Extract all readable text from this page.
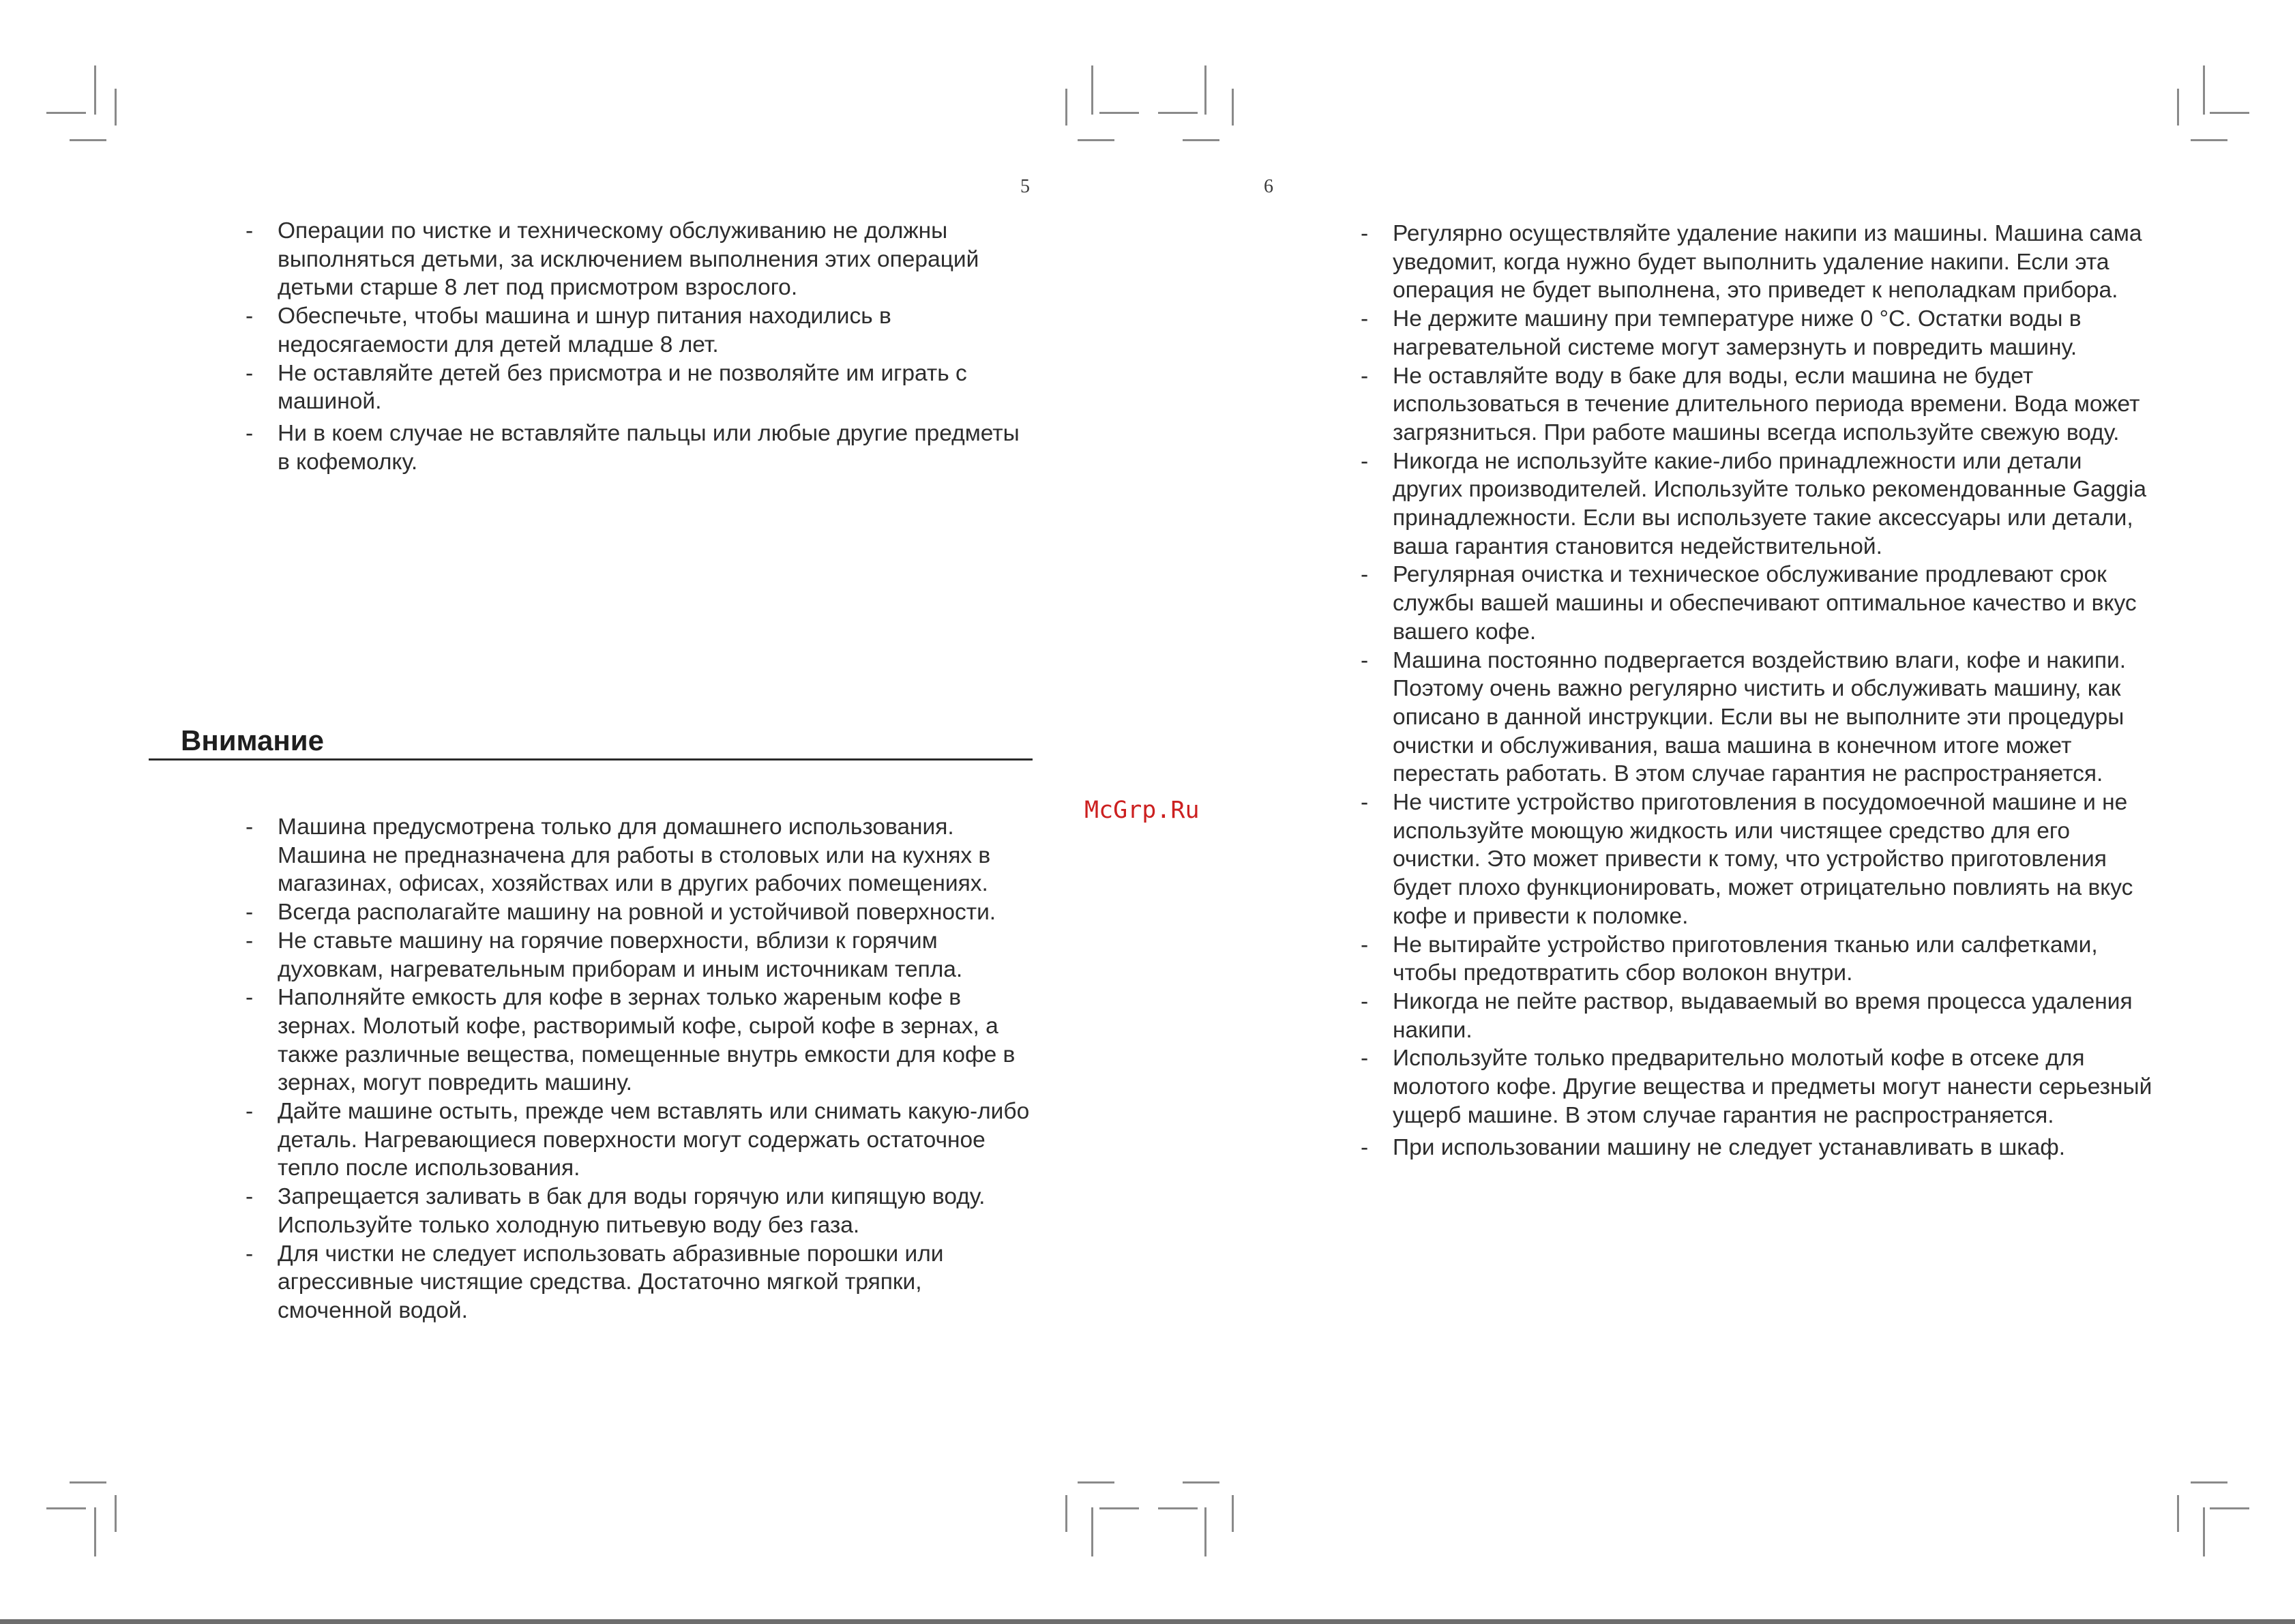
5	6
- Операции по чистке и техническому обслуживанию не должны выполняться детьми, за исключением выполнения этих операций детьми старше 8 лет под присмотром взрослого.
- Обеспечьте, чтобы машина и шнур питания находились в недосягаемости для детей младше 8 лет.
- Не оставляйте детей без присмотра и не позволяйте им играть с машиной.
- Ни в коем случае не вставляйте пальцы или любые другие предметы в кофемолку.
Внимание
- Машина предусмотрена только для домашнего использования. Машина не предназначена для работы в столовых или на кухнях в магазинах, офисах, хозяйствах или в других рабочих помещениях.
- Всегда располагайте машину на ровной и устойчивой поверхности.
- Не ставьте машину на горячие поверхности, вблизи к горячим духовкам, нагревательным приборам и иным источникам тепла.
- Наполняйте емкость для кофе в зернах только жареным кофе в зернах. Молотый кофе, растворимый кофе, сырой кофе в зернах, а также различные вещества, помещенные внутрь емкости для кофе в зернах, могут повредить машину.
- Дайте машине остыть, прежде чем вставлять или снимать какую-либо деталь. Нагревающиеся поверхности могут содержать остаточное тепло после использования.
- Запрещается заливать в бак для воды горячую или кипящую воду. Используйте только холодную питьевую воду без газа.
- Для чистки не следует использовать абразивные порошки или агрессивные чистящие средства. Достаточно мягкой тряпки, смоченной водой.
McGrp.Ru
- Регулярно осуществляйте удаление накипи из машины. Машина сама уведомит, когда нужно будет выполнить удаление накипи. Если эта операция не будет выполнена, это приведет к неполадкам прибора.
- Не держите машину при температуре ниже 0 °C. Остатки воды в нагревательной системе могут замерзнуть и повредить машину.
- Не оставляйте воду в баке для воды, если машина не будет использоваться в течение длительного периода времени. Вода может загрязниться. При работе машины всегда используйте свежую воду.
- Никогда не используйте какие-либо принадлежности или детали других производителей. Используйте только рекомендованные Gaggia принадлежности. Если вы используете такие аксессуары или детали, ваша гарантия становится недействительной.
- Регулярная очистка и техническое обслуживание продлевают срок службы вашей машины и обеспечивают оптимальное качество и вкус вашего кофе.
- Машина постоянно подвергается воздействию влаги, кофе и накипи. Поэтому очень важно регулярно чистить и обслуживать машину, как описано в данной инструкции. Если вы не выполните эти процедуры очистки и обслуживания, ваша машина в конечном итоге может перестать работать. В этом случае гарантия не распространяется.
- Не чистите устройство приготовления в посудомоечной машине и не используйте моющую жидкость или чистящее средство для его очистки. Это может привести к тому, что устройство приготовления будет плохо функционировать, может отрицательно повлиять на вкус кофе и привести к поломке.
- Не вытирайте устройство приготовления тканью или салфетками, чтобы предотвратить сбор волокон внутри.
- Никогда не пейте раствор, выдаваемый во время процесса удаления накипи.
- Используйте только предварительно молотый кофе в отсеке для молотого кофе. Другие вещества и предметы могут нанести серьезный ущерб машине. В этом случае гарантия не распространяется.
- При использовании машину не следует устанавливать в шкаф.
